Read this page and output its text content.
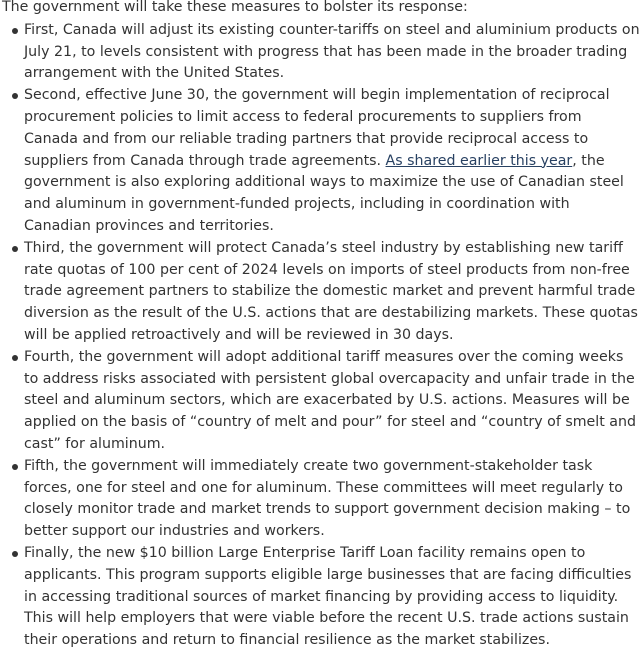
The government will take these measures to bolster its response:

First, Canada will adjust its existing counter-tariffs on steel and aluminium products on July 21, to levels consistent with progress that has been made in the broader trading arrangement with the United States.
Second, effective June 30, the government will begin implementation of reciprocal procurement policies to limit access to federal procurements to suppliers from Canada and from our reliable trading partners that provide reciprocal access to suppliers from Canada through trade agreements. As shared earlier this year, the government is also exploring additional ways to maximize the use of Canadian steel and aluminum in government-funded projects, including in coordination with Canadian provinces and territories.
Third, the government will protect Canada’s steel industry by establishing new tariff rate quotas of 100 per cent of 2024 levels on imports of steel products from non-free trade agreement partners to stabilize the domestic market and prevent harmful trade diversion as the result of the U.S. actions that are destabilizing markets. These quotas will be applied retroactively and will be reviewed in 30 days.
Fourth, the government will adopt additional tariff measures over the coming weeks to address risks associated with persistent global overcapacity and unfair trade in the steel and aluminum sectors, which are exacerbated by U.S. actions. Measures will be applied on the basis of “country of melt and pour” for steel and “country of smelt and cast” for aluminum.
Fifth, the government will immediately create two government-stakeholder task forces, one for steel and one for aluminum. These committees will meet regularly to closely monitor trade and market trends to support government decision making – to better support our industries and workers.
Finally, the new $10 billion Large Enterprise Tariff Loan facility remains open to applicants. This program supports eligible large businesses that are facing difficulties in accessing traditional sources of market financing by providing access to liquidity. This will help employers that were viable before the recent U.S. trade actions sustain their operations and return to financial resilience as the market stabilizes.
